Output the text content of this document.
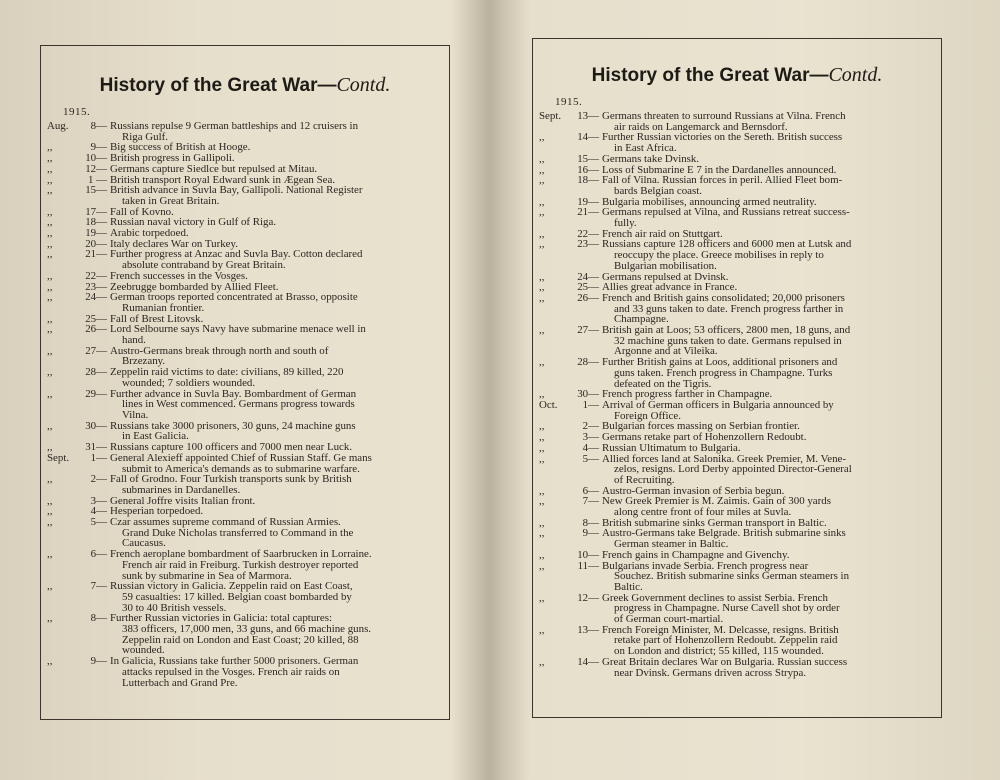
History of the Great War—Contd.
1915.
Aug.	8— Russians repulse 9 German battleships and 12 cruisers in
Riga Gulf.
,,	9— Big success of British at Hooge.
,,	10— British progress in Gallipoli.
,,	12— Germans capture Siedlce but repulsed at Mitau.
,,	1 — British transport Royal Edward sunk in Ægean Sea.
,,	15— British advance in Suvla Bay, Gallipoli. National Register
taken in Great Britain.
,,	17— Fall of Kovno.
,,	18— Russian naval victory in Gulf of Riga.
,,	19— Arabic torpedoed.
,,	20— Italy declares War on Turkey.
,,	21— Further progress at Anzac and Suvla Bay. Cotton declared
absolute contraband by Great Britain.
,,	22— French successes in the Vosges.
,,	23— Zeebrugge bombarded by Allied Fleet.
,,	24— German troops reported concentrated at Brasso, opposite
Rumanian frontier.
,,	25— Fall of Brest Litovsk.
,,	26— Lord Selbourne says Navy have submarine menace well in
hand.
,,	27— Austro-Germans break through north and south of
Brzezany.
,,	28— Zeppelin raid victims to date: civilians, 89 killed, 220
wounded; 7 soldiers wounded.
,,	29— Further advance in Suvla Bay. Bombardment of German
lines in West commenced. Germans progress towards
Vilna.
,,	30— Russians take 3000 prisoners, 30 guns, 24 machine guns
in East Galicia.
,,	31— Russians capture 100 officers and 7000 men near Luck.
Sept.	1— General Alexieff appointed Chief of Russian Staff. Ge mans
submit to America's demands as to submarine warfare.
,,	2— Fall of Grodno. Four Turkish transports sunk by British
submarines in Dardanelles.
,,	3— General Joffre visits Italian front.
,,	4— Hesperian torpedoed.
,,	5— Czar assumes supreme command of Russian Armies.
Grand Duke Nicholas transferred to Command in the
Caucasus.
,,	6— French aeroplane bombardment of Saarbrucken in Lorraine.
French air raid in Freiburg. Turkish destroyer reported
sunk by submarine in Sea of Marmora.
,,	7— Russian victory in Galicia. Zeppelin raid on East Coast,
59 casualties: 17 killed. Belgian coast bombarded by
30 to 40 British vessels.
,,	8— Further Russian victories in Galicia: total captures:
383 officers, 17,000 men, 33 guns, and 66 machine guns.
Zeppelin raid on London and East Coast; 20 killed, 88
wounded.
,,	9— In Galicia, Russians take further 5000 prisoners. German
attacks repulsed in the Vosges. French air raids on
Lutterbach and Grand Pre.
History of the Great War—Contd.
1915.
Sept.	13— Germans threaten to surround Russians at Vilna. French
air raids on Langemarck and Bernsdorf.
,,	14— Further Russian victories on the Sereth. British success
in East Africa.
,,	15— Germans take Dvinsk.
,,	16— Loss of Submarine E 7 in the Dardanelles announced.
,,	18— Fall of Vilna. Russian forces in peril. Allied Fleet bom-
bards Belgian coast.
,,	19— Bulgaria mobilises, announcing armed neutrality.
,,	21— Germans repulsed at Vilna, and Russians retreat success-
fully.
,,	22— French air raid on Stuttgart.
,,	23— Russians capture 128 officers and 6000 men at Lutsk and
reoccupy the place. Greece mobilises in reply to
Bulgarian mobilisation.
,,	24— Germans repulsed at Dvinsk.
,,	25— Allies great advance in France.
,,	26— French and British gains consolidated; 20,000 prisoners
and 33 guns taken to date. French progress farther in
Champagne.
,,	27— British gain at Loos; 53 officers, 2800 men, 18 guns, and
32 machine guns taken to date. Germans repulsed in
Argonne and at Vileika.
,,	28— Further British gains at Loos, additional prisoners and
guns taken. French progress in Champagne. Turks
defeated on the Tigris.
,,	30— French progress farther in Champagne.
Oct.	1— Arrival of German officers in Bulgaria announced by
Foreign Office.
,,	2— Bulgarian forces massing on Serbian frontier.
,,	3— Germans retake part of Hohenzollern Redoubt.
,,	4— Russian Ultimatum to Bulgaria.
,,	5— Allied forces land at Salonika. Greek Premier, M. Vene-
zelos, resigns. Lord Derby appointed Director-General
of Recruiting.
,,	6— Austro-German invasion of Serbia begun.
,,	7— New Greek Premier is M. Zaimis. Gain of 300 yards
along centre front of four miles at Suvla.
,,	8— British submarine sinks German transport in Baltic.
,,	9— Austro-Germans take Belgrade. British submarine sinks
German steamer in Baltic.
,,	10— French gains in Champagne and Givenchy.
,,	11— Bulgarians invade Serbia. French progress near
Souchez. British submarine sinks German steamers in
Baltic.
,,	12— Greek Government declines to assist Serbia. French
progress in Champagne. Nurse Cavell shot by order
of German court-martial.
,,	13— French Foreign Minister, M. Delcasse, resigns. British
retake part of Hohenzollern Redoubt. Zeppelin raid
on London and district; 55 killed, 115 wounded.
,,	14— Great Britain declares War on Bulgaria. Russian success
near Dvinsk. Germans driven across Strypa.
